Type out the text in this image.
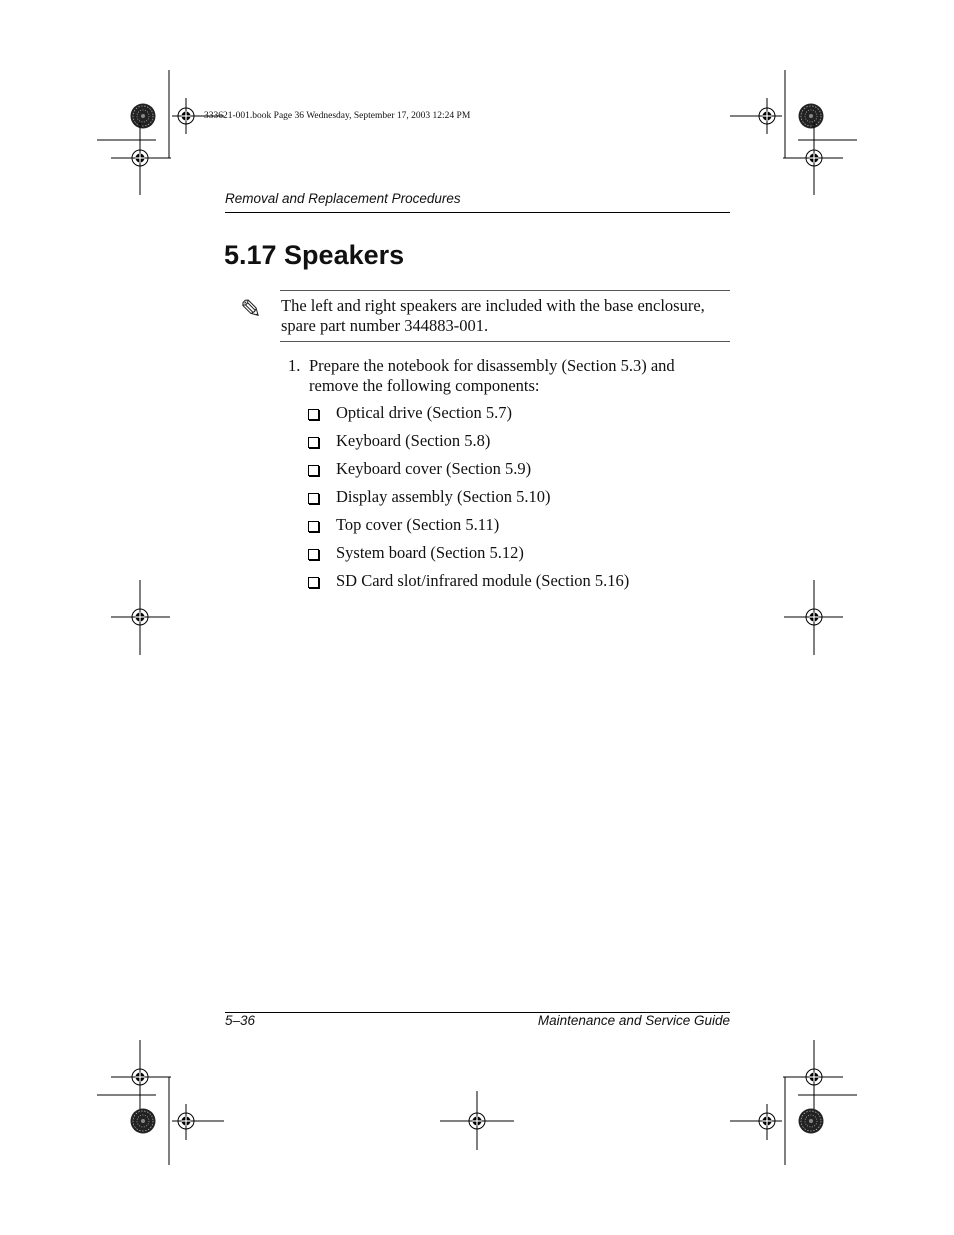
333621-001.book Page 36 Wednesday, September 17, 2003 12:24 PM
Removal and Replacement Procedures
5.17 Speakers
✎ The left and right speakers are included with the base enclosure,
spare part number 344883-001.
1. Prepare the notebook for disassembly (Section 5.3) and
remove the following components:
Optical drive (Section 5.7)
Keyboard (Section 5.8)
Keyboard cover (Section 5.9)
Display assembly (Section 5.10)
Top cover (Section 5.11)
System board (Section 5.12)
SD Card slot/infrared module (Section 5.16)
5–36	Maintenance and Service Guide
